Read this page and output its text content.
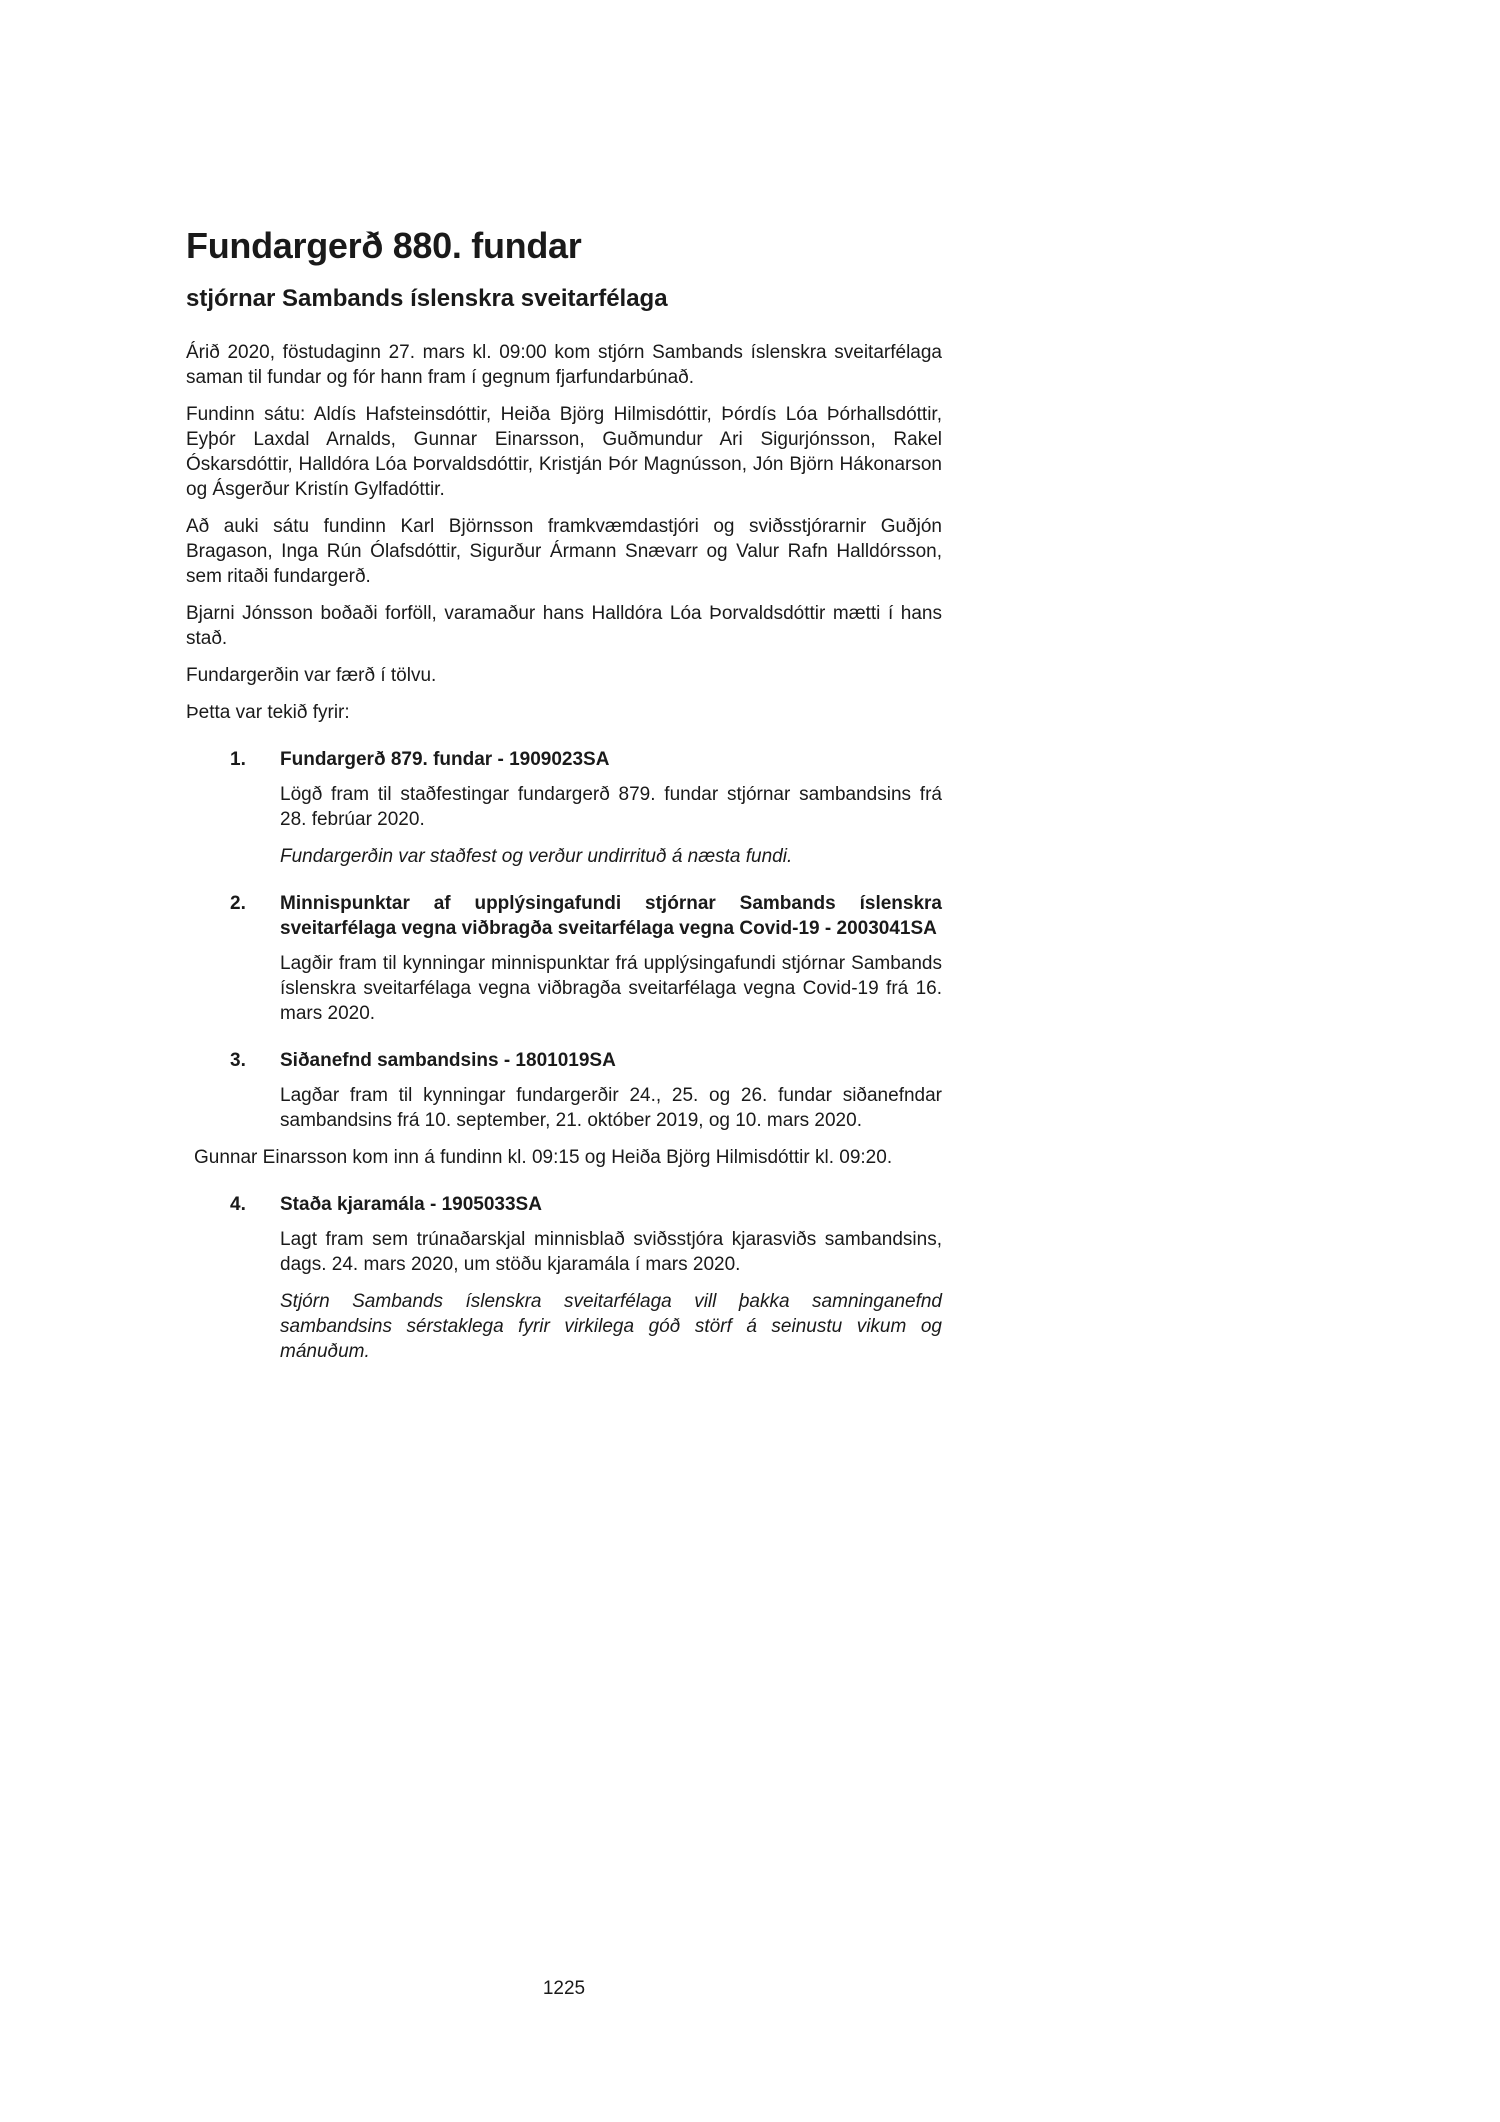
Fundargerð 880. fundar
stjórnar Sambands íslenskra sveitarfélaga

Árið 2020, föstudaginn 27. mars kl. 09:00 kom stjórn Sambands íslenskra sveitarfélaga saman til fundar og fór hann fram í gegnum fjarfundarbúnað.

Fundinn sátu: Aldís Hafsteinsdóttir, Heiða Björg Hilmisdóttir, Þórdís Lóa Þórhallsdóttir, Eyþór Laxdal Arnalds, Gunnar Einarsson, Guðmundur Ari Sigurjónsson, Rakel Óskarsdóttir, Halldóra Lóa Þorvaldsdóttir, Kristján Þór Magnússon, Jón Björn Hákonarson og Ásgerður Kristín Gylfadóttir.

Að auki sátu fundinn Karl Björnsson framkvæmdastjóri og sviðsstjórarnir Guðjón Bragason, Inga Rún Ólafsdóttir, Sigurður Ármann Snævarr og Valur Rafn Halldórsson, sem ritaði fundargerð.

Bjarni Jónsson boðaði forföll, varamaður hans Halldóra Lóa Þorvaldsdóttir mætti í hans stað.

Fundargerðin var færð í tölvu.

Þetta var tekið fyrir:

1.	Fundargerð 879. fundar - 1909023SA

Lögð fram til staðfestingar fundargerð 879. fundar stjórnar sambandsins frá 28. febrúar 2020.

Fundargerðin var staðfest og verður undirrituð á næsta fundi.

2.	Minnispunktar af upplýsingafundi stjórnar Sambands íslenskra sveitarfélaga vegna viðbragða sveitarfélaga vegna Covid-19 - 2003041SA

Lagðir fram til kynningar minnispunktar frá upplýsingafundi stjórnar Sambands íslenskra sveitarfélaga vegna viðbragða sveitarfélaga vegna Covid-19 frá 16. mars 2020.

3.	Siðanefnd sambandsins - 1801019SA

Lagðar fram til kynningar fundargerðir 24., 25. og 26. fundar siðanefndar sambandsins frá 10. september, 21. október 2019, og 10. mars 2020.

Gunnar Einarsson kom inn á fundinn kl. 09:15 og Heiða Björg Hilmisdóttir kl. 09:20.

4.	Staða kjaramála - 1905033SA

Lagt fram sem trúnaðarskjal minnisblað sviðsstjóra kjarasviðs sambandsins, dags. 24. mars 2020, um stöðu kjaramála í mars 2020.

Stjórn Sambands íslenskra sveitarfélaga vill þakka samninganefnd sambandsins sérstaklega fyrir virkilega góð störf á seinustu vikum og mánuðum.

1225
